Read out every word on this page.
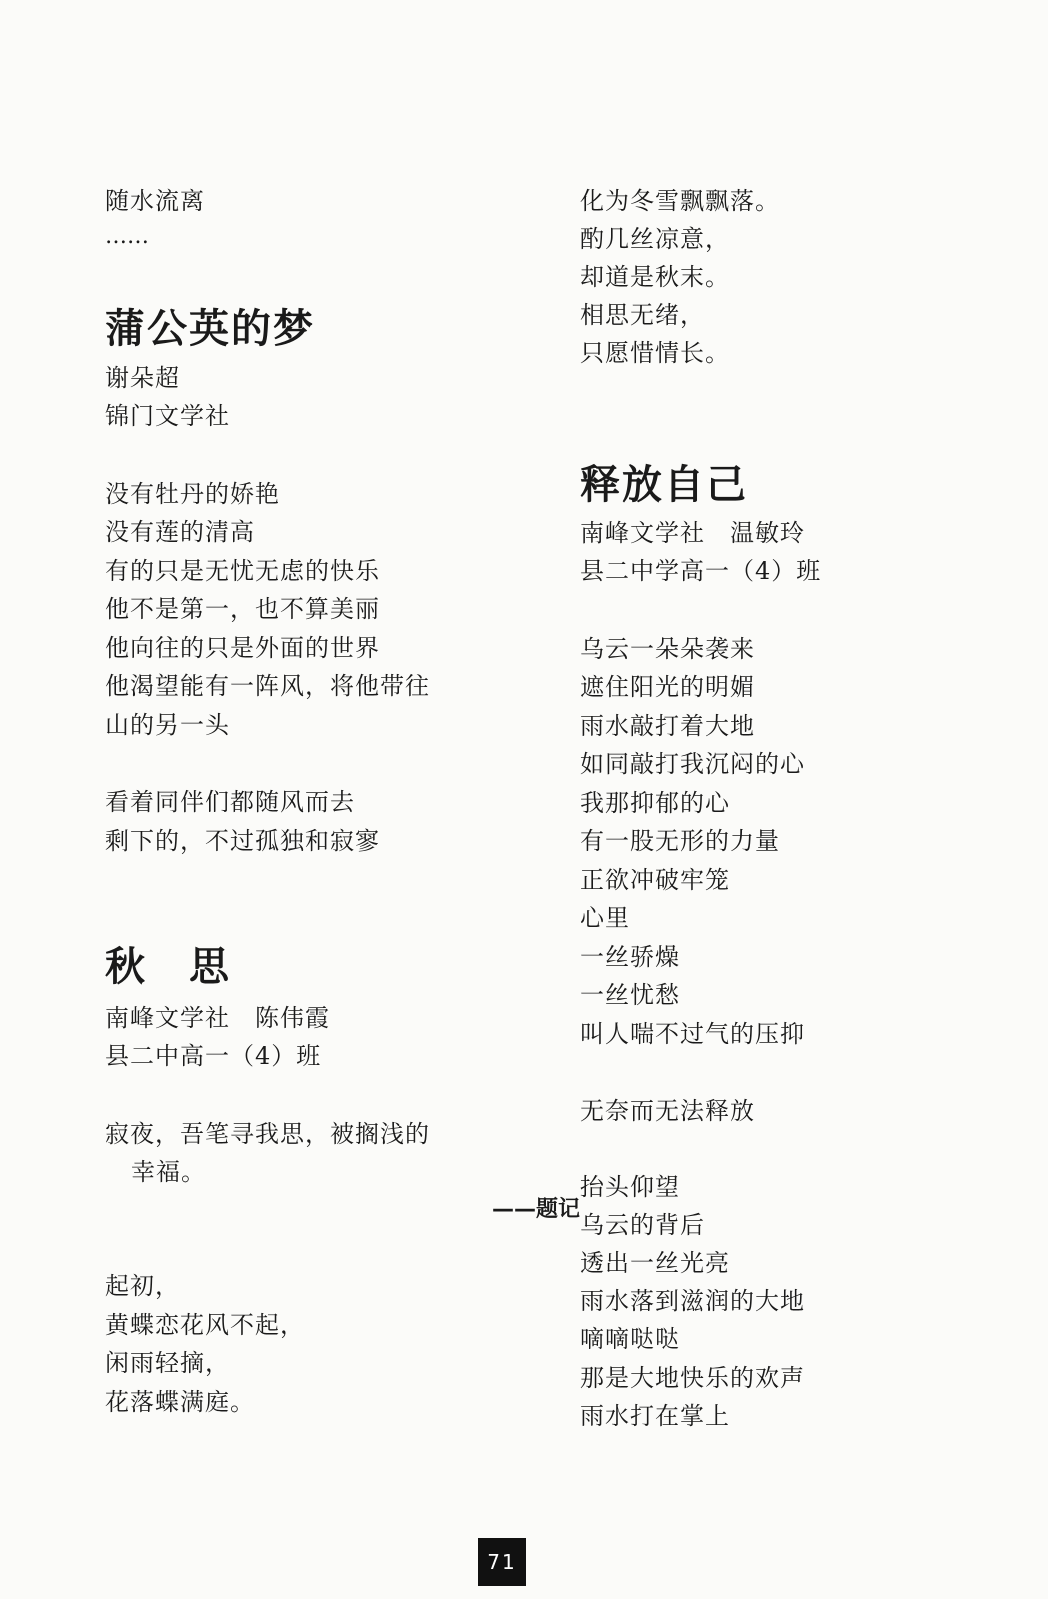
随水流离
……
蒲公英的梦
谢朵超
锦门文学社
没有牡丹的娇艳
没有莲的清高
有的只是无忧无虑的快乐
他不是第一，也不算美丽
他向往的只是外面的世界
他渴望能有一阵风，将他带往
山的另一头
看着同伴们都随风而去
剩下的，不过孤独和寂寥
秋　思
南峰文学社　陈伟霞
县二中高一（4）班
寂夜，吾笔寻我思，被搁浅的
幸福。
——题记
起初，
黄蝶恋花风不起，
闲雨轻摘，
花落蝶满庭。
化为冬雪飘飘落。
酌几丝凉意，
却道是秋末。
相思无绪，
只愿惜情长。
释放自己
南峰文学社　温敏玲
县二中学高一（4）班
乌云一朵朵袭来
遮住阳光的明媚
雨水敲打着大地
如同敲打我沉闷的心
我那抑郁的心
有一股无形的力量
正欲冲破牢笼
心里
一丝骄燥
一丝忧愁
叫人喘不过气的压抑
无奈而无法释放
抬头仰望
乌云的背后
透出一丝光亮
雨水落到滋润的大地
嘀嘀哒哒
那是大地快乐的欢声
雨水打在掌上
71
